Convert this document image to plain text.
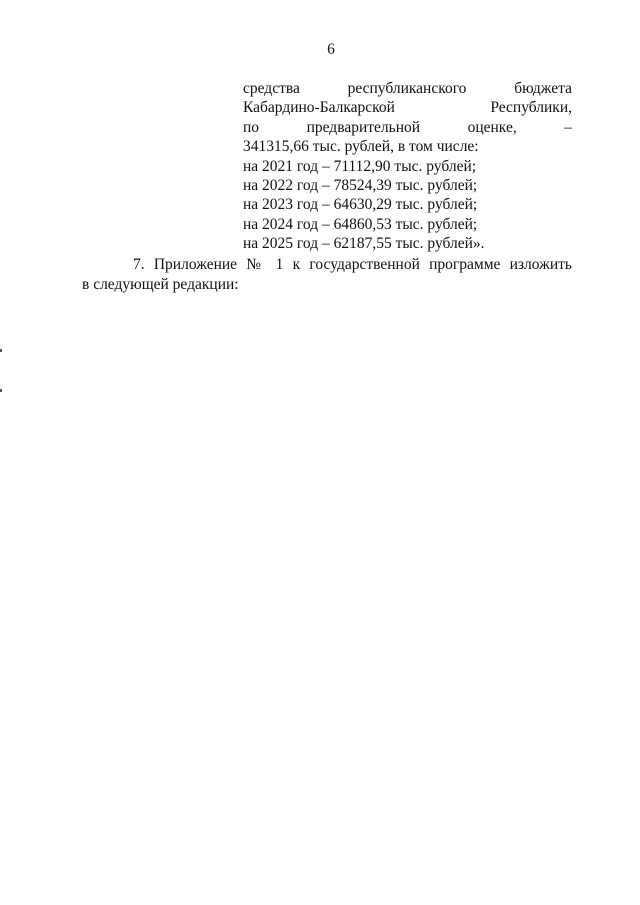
6
средства республиканского бюджета
Кабардино-Балкарской Республики,
по предварительной оценке, –
341315,66 тыс. рублей, в том числе:
на 2021 год – 71112,90 тыс. рублей;
на 2022 год – 78524,39 тыс. рублей;
на 2023 год – 64630,29 тыс. рублей;
на 2024 год – 64860,53 тыс. рублей;
на 2025 год – 62187,55 тыс. рублей».
7. Приложение № 1 к государственной программе изложить
в следующей редакции:
